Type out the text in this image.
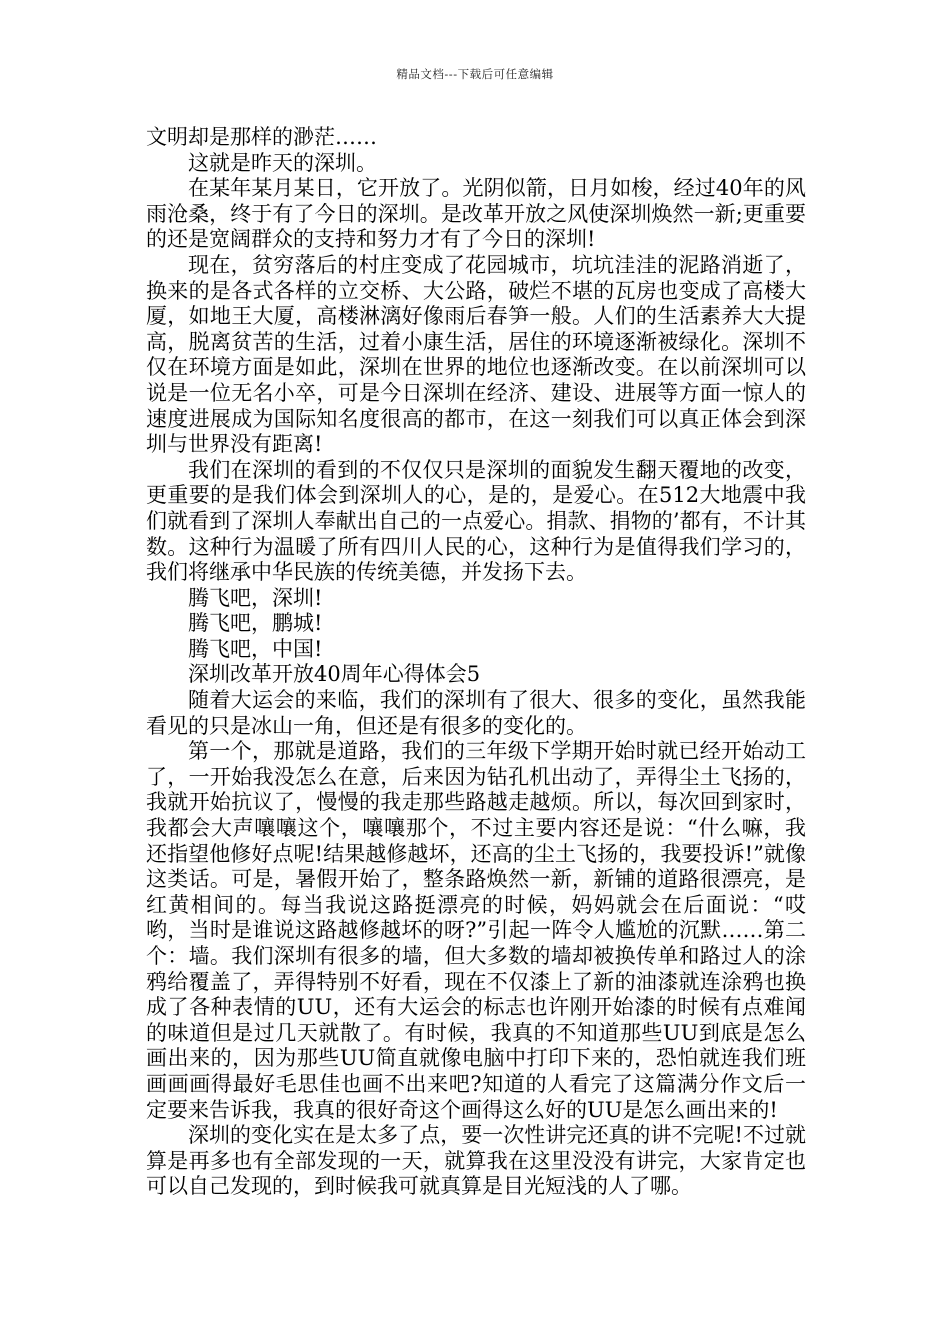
精品文档---下载后可任意编辑

文明却是那样的渺茫……

这就是昨天的深圳。

在某年某月某日，它开放了。光阴似箭，日月如梭，经过40年的风雨沧桑，终于有了今日的深圳。是改革开放之风使深圳焕然一新;更重要的还是宽阔群众的支持和努力才有了今日的深圳!

现在，贫穷落后的村庄变成了花园城市，坑坑洼洼的泥路消逝了，换来的是各式各样的立交桥、大公路，破烂不堪的瓦房也变成了高楼大厦，如地王大厦，高楼淋漓好像雨后春笋一般。人们的生活素养大大提高，脱离贫苦的生活，过着小康生活，居住的环境逐渐被绿化。深圳不仅在环境方面是如此，深圳在世界的地位也逐渐改变。在以前深圳可以说是一位无名小卒，可是今日深圳在经济、建设、进展等方面一惊人的速度进展成为国际知名度很高的都市，在这一刻我们可以真正体会到深圳与世界没有距离!

我们在深圳的看到的不仅仅只是深圳的面貌发生翻天覆地的改变，更重要的是我们体会到深圳人的心，是的，是爱心。在512大地震中我们就看到了深圳人奉献出自己的一点爱心。捐款、捐物的’都有，不计其数。这种行为温暖了所有四川人民的心，这种行为是值得我们学习的，我们将继承中华民族的传统美德，并发扬下去。

腾飞吧，深圳!

腾飞吧，鹏城!

腾飞吧，中国!

深圳改革开放40周年心得体会5

随着大运会的来临，我们的深圳有了很大、很多的变化，虽然我能看见的只是冰山一角，但还是有很多的变化的。

第一个，那就是道路，我们的三年级下学期开始时就已经开始动工了，一开始我没怎么在意，后来因为钻孔机出动了，弄得尘土飞扬的，我就开始抗议了，慢慢的我走那些路越走越烦。所以，每次回到家时，我都会大声嚷嚷这个，嚷嚷那个，不过主要内容还是说：“什么嘛，我还指望他修好点呢!结果越修越坏，还高的尘土飞扬的，我要投诉!”就像这类话。可是，暑假开始了，整条路焕然一新，新铺的道路很漂亮，是红黄相间的。每当我说这路挺漂亮的时候，妈妈就会在后面说：“哎哟，当时是谁说这路越修越坏的呀?”引起一阵令人尴尬的沉默……第二个：墙。我们深圳有很多的墙，但大多数的墙却被换传单和路过人的涂鸦给覆盖了，弄得特别不好看，现在不仅漆上了新的油漆就连涂鸦也换成了各种表情的UU，还有大运会的标志也许刚开始漆的时候有点难闻的味道但是过几天就散了。有时候，我真的不知道那些UU到底是怎么画出来的，因为那些UU简直就像电脑中打印下来的，恐怕就连我们班画画画得最好毛思佳也画不出来吧?知道的人看完了这篇满分作文后一定要来告诉我，我真的很好奇这个画得这么好的UU是怎么画出来的!

深圳的变化实在是太多了点，要一次性讲完还真的讲不完呢!不过就算是再多也有全部发现的一天，就算我在这里没没有讲完，大家肯定也可以自己发现的，到时候我可就真算是目光短浅的人了哪。
